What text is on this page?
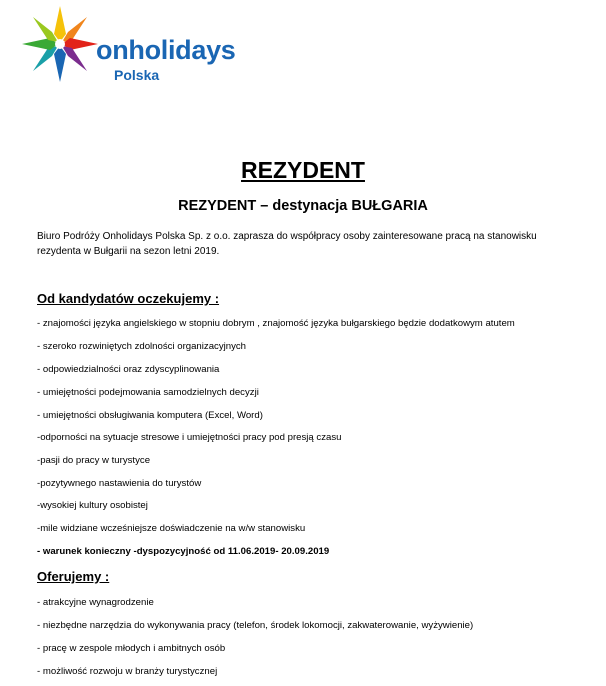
onholidays
Polska
REZYDENT
REZYDENT – destynacja BUŁGARIA
Biuro Podróży Onholidays Polska Sp. z o.o. zaprasza do współpracy osoby zainteresowane pracą na stanowisku rezydenta w Bułgarii na sezon letni 2019.
Od kandydatów oczekujemy :
- znajomości języka angielskiego w stopniu dobrym , znajomość języka bułgarskiego będzie dodatkowym atutem
- szeroko rozwiniętych zdolności organizacyjnych
- odpowiedzialności oraz zdyscyplinowania
- umiejętności podejmowania samodzielnych decyzji
- umiejętności obsługiwania komputera (Excel, Word)
-odporności na sytuacje stresowe i umiejętności pracy pod presją czasu
-pasji do pracy w turystyce
-pozytywnego nastawienia do turystów
-wysokiej kultury osobistej
-mile widziane wcześniejsze doświadczenie na w/w stanowisku
- warunek konieczny -dyspozycyjność od 11.06.2019- 20.09.2019
Oferujemy :
- atrakcyjne wynagrodzenie
- niezbędne narzędzia do wykonywania pracy (telefon, środek lokomocji, zakwaterowanie, wyżywienie)
- pracę w zespole młodych i ambitnych osób
- możliwość rozwoju w branży turystycznej
